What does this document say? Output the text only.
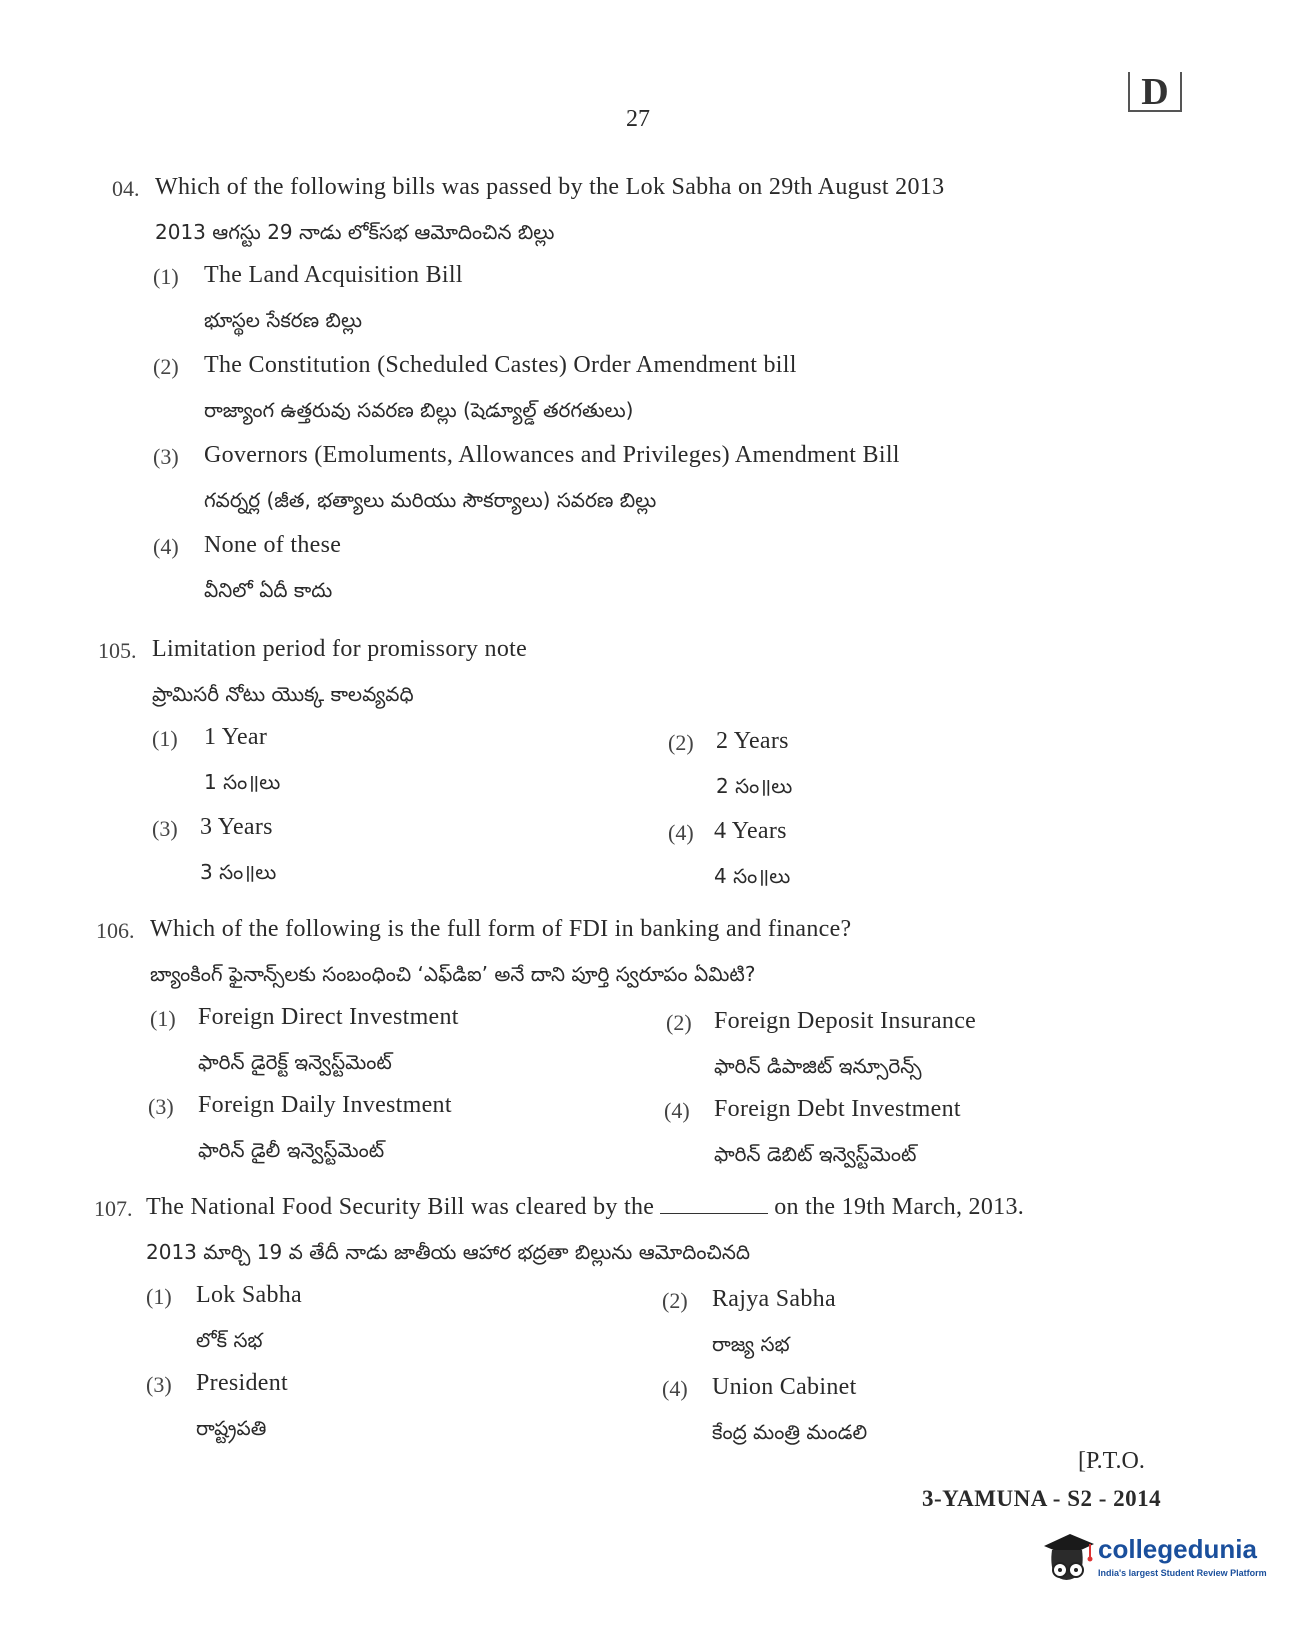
27
D
04. Which of the following bills was passed by the Lok Sabha on 29th August 2013
2013 ఆగస్టు 29 నాడు లోక్‌సభ ఆమోదించిన బిల్లు
(1) The Land Acquisition Bill
భూస్థల సేకరణ బిల్లు
(2) The Constitution (Scheduled Castes) Order Amendment bill
రాజ్యాంగ ఉత్తరువు సవరణ బిల్లు (షెడ్యూల్డ్ తరగతులు)
(3) Governors (Emoluments, Allowances and Privileges) Amendment Bill
గవర్నర్ల (జీత, భత్యాలు మరియు సౌకర్యాలు) సవరణ బిల్లు
(4) None of these
వీనిలో ఏదీ కాదు
105. Limitation period for promissory note
ప్రామిసరీ నోటు యొక్క కాలవ్యవధి
(1) 1 Year
1 సం॥లు
(2) 2 Years
2 సం॥లు
(3) 3 Years
3 సం॥లు
(4) 4 Years
4 సం॥లు
106. Which of the following is the full form of FDI in banking and finance?
బ్యాంకింగ్ ఫైనాన్స్‌లకు సంబంధించి ‘ఎఫ్‌డిఐ’ అనే దాని పూర్తి స్వరూపం ఏమిటి?
(1) Foreign Direct Investment
ఫారిన్ డైరెక్ట్ ఇన్వెస్ట్‌మెంట్
(2) Foreign Deposit Insurance
ఫారిన్ డిపాజిట్ ఇన్సూరెన్స్
(3) Foreign Daily Investment
ఫారిన్ డైలీ ఇన్వెస్ట్‌మెంట్
(4) Foreign Debt Investment
ఫారిన్ డెబిట్ ఇన్వెస్ట్‌మెంట్
107. The National Food Security Bill was cleared by the	on the 19th March, 2013.
2013 మార్చి 19 వ తేదీ నాడు జాతీయ ఆహార భద్రతా బిల్లును ఆమోదించినది
(1) Lok Sabha
లోక్ సభ
(2) Rajya Sabha
రాజ్య సభ
(3) President
రాష్ట్రపతి
(4) Union Cabinet
కేంద్ర మంత్రి మండలి
[P.T.O.
3-YAMUNA - S2 - 2014
collegedunia
India's largest Student Review Platform
